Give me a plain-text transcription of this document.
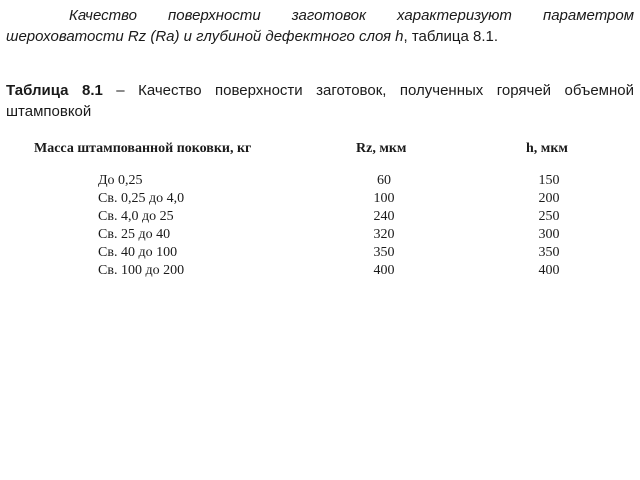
Качество поверхности заготовок характеризуют параметром шероховатости Rz (Ra) и глубиной дефектного слоя h, таблица 8.1.
Таблица 8.1 – Качество поверхности заготовок, полученных горячей объемной штамповкой
Масса штампованной поковки, кг	Rz, мкм	h, мкм
До 0,25	60	150
Св. 0,25 до 4,0	100	200
Св. 4,0 до 25	240	250
Св. 25 до 40	320	300
Св. 40 до 100	350	350
Св. 100 до 200	400	400
